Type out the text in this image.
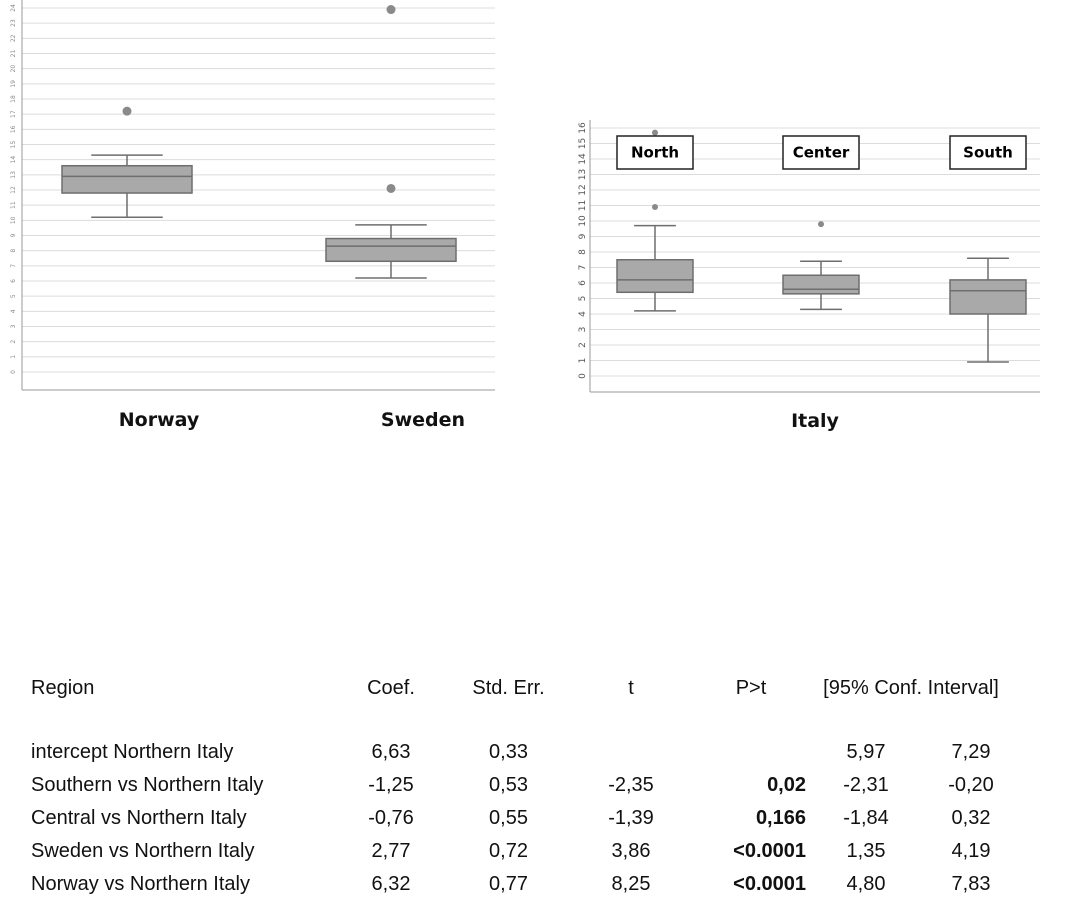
0
1
2
3
4
5
6
7
8
9
10
11
12
13
14
15
16
17
18
19
20
21
22
23
24
Norway	Sweden
0
1
2
3
4
5
6
7
8
9
10
11
12
13
14
15
16
North	Center	South
Italy
Region	Coef.	Std. Err.	t	P>t	[95% Conf. Interval]	

intercept Northern Italy	6,63	0,33			5,97	7,29
Southern vs Northern Italy	-1,25	0,53	-2,35	0,02	-2,31	-0,20
Central vs Northern Italy	-0,76	0,55	-1,39	0,166	-1,84	0,32
Sweden vs Northern Italy	2,77	0,72	3,86	<0.0001	1,35	4,19
Norway vs Northern Italy	6,32	0,77	8,25	<0.0001	4,80	7,83
